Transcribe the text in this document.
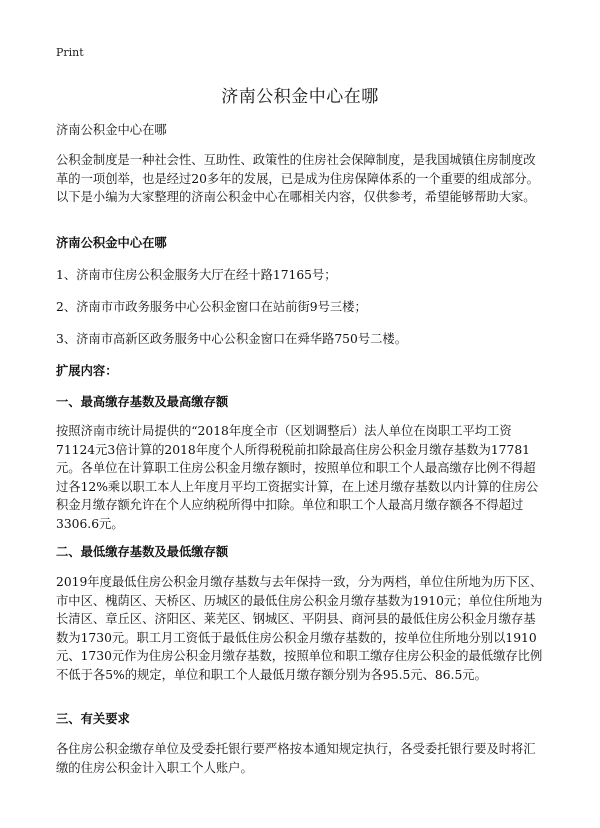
Print
济南公积金中心在哪

济南公积金中心在哪

公积金制度是一种社会性、互助性、政策性的住房社会保障制度，是我国城镇住房制度改革的一项创举，也是经过20多年的发展，已是成为住房保障体系的一个重要的组成部分。以下是小编为大家整理的济南公积金中心在哪相关内容，仅供参考，希望能够帮助大家。

济南公积金中心在哪

1、济南市住房公积金服务大厅在经十路17165号；

2、济南市市政务服务中心公积金窗口在站前街9号三楼；

3、济南市高新区政务服务中心公积金窗口在舜华路750号二楼。

扩展内容：

一、最高缴存基数及最高缴存额

按照济南市统计局提供的“2018年度全市（区划调整后）法人单位在岗职工平均工资71124元3倍计算的2018年度个人所得税税前扣除最高住房公积金月缴存基数为17781元。各单位在计算职工住房公积金月缴存额时，按照单位和职工个人最高缴存比例不得超过各12%乘以职工本人上年度月平均工资据实计算，在上述月缴存基数以内计算的住房公积金月缴存额允许在个人应纳税所得中扣除。单位和职工个人最高月缴存额各不得超过3306.6元。

二、最低缴存基数及最低缴存额

2019年度最低住房公积金月缴存基数与去年保持一致，分为两档，单位住所地为历下区、市中区、槐荫区、天桥区、历城区的最低住房公积金月缴存基数为1910元；单位住所地为长清区、章丘区、济阳区、莱芜区、钢城区、平阴县、商河县的最低住房公积金月缴存基数为1730元。职工月工资低于最低住房公积金月缴存基数的，按单位住所地分别以1910元、1730元作为住房公积金月缴存基数，按照单位和职工缴存住房公积金的最低缴存比例不低于各5%的规定，单位和职工个人最低月缴存额分别为各95.5元、86.5元。

三、有关要求

各住房公积金缴存单位及受委托银行要严格按本通知规定执行，各受委托银行要及时将汇缴的住房公积金计入职工个人账户。
